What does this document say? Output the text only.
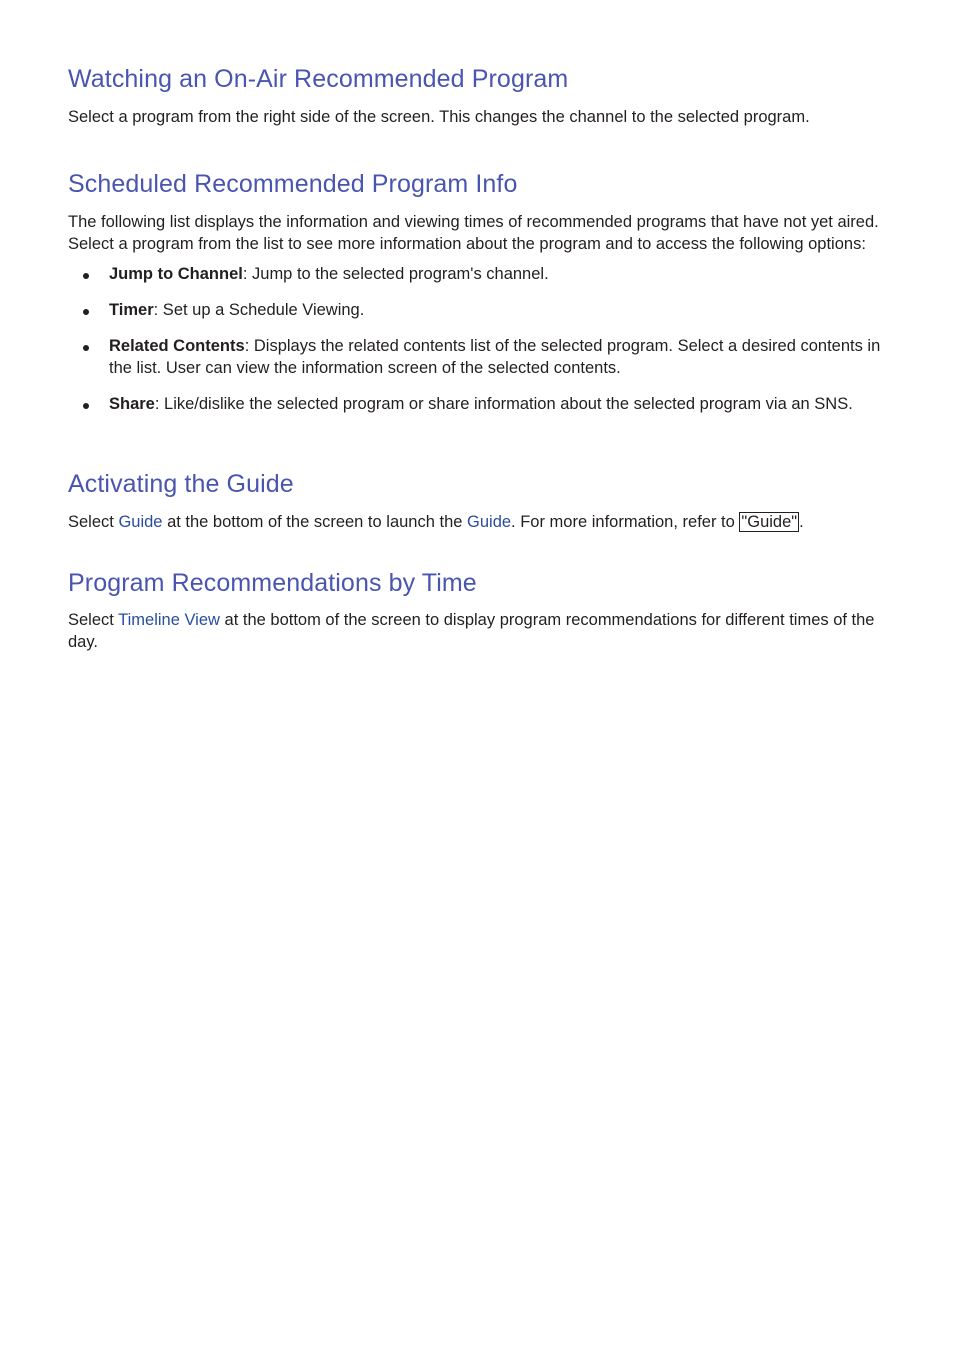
Watching an On-Air Recommended Program

Select a program from the right side of the screen. This changes the channel to the selected program.

Scheduled Recommended Program Info

The following list displays the information and viewing times of recommended programs that have not yet aired. Select a program from the list to see more information about the program and to access the following options:

Jump to Channel: Jump to the selected program's channel.
Timer: Set up a Schedule Viewing.
Related Contents: Displays the related contents list of the selected program. Select a desired contents in the list. User can view the information screen of the selected contents.
Share: Like/dislike the selected program or share information about the selected program via an SNS.
Activating the Guide

Select Guide at the bottom of the screen to launch the Guide. For more information, refer to "Guide" .

Program Recommendations by Time

Select Timeline View at the bottom of the screen to display program recommendations for different times of the day.
